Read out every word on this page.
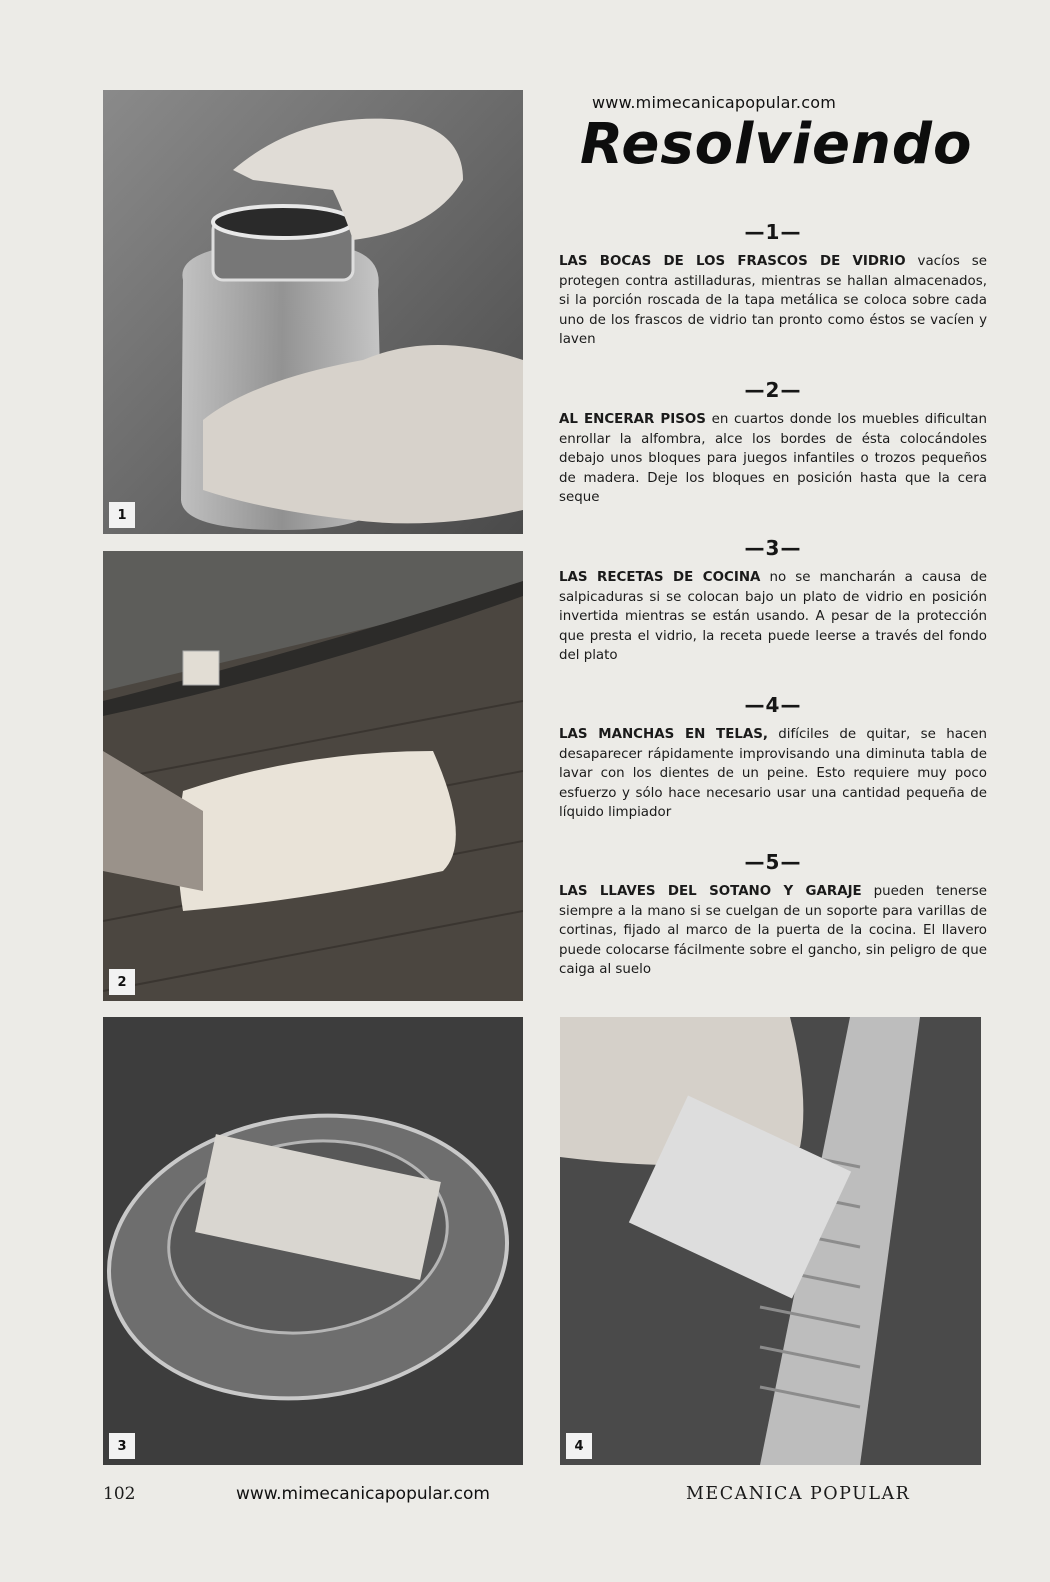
1
2
3	4
www.mimecanicapopular.com
Resolviendo
—1—

LAS BOCAS DE LOS FRASCOS DE VIDRIO vacíos se protegen contra astilladuras, mientras se hallan almacenados, si la porción roscada de la tapa metálica se coloca sobre cada uno de los frascos de vidrio tan pronto como éstos se vacíen y laven

—2—

AL ENCERAR PISOS en cuartos donde los muebles dificultan enrollar la alfombra, alce los bordes de ésta colocándoles debajo unos bloques para juegos infantiles o trozos pequeños de madera. Deje los bloques en posición hasta que la cera seque

—3—

LAS RECETAS DE COCINA no se mancharán a causa de salpicaduras si se colocan bajo un plato de vidrio en posición invertida mientras se están usando. A pesar de la protección que presta el vidrio, la receta puede leerse a través del fondo del plato

—4—

LAS MANCHAS EN TELAS, difíciles de quitar, se hacen desaparecer rápidamente improvisando una diminuta tabla de lavar con los dientes de un peine. Esto requiere muy poco esfuerzo y sólo hace necesario usar una cantidad pequeña de líquido limpiador

—5—

LAS LLAVES DEL SOTANO Y GARAJE pueden tenerse siempre a la mano si se cuelgan de un soporte para varillas de cortinas, fijado al marco de la puerta de la cocina. El llavero puede colocarse fácilmente sobre el gancho, sin peligro de que caiga al suelo

102	www.mimecanicapopular.com	MECANICA POPULAR
